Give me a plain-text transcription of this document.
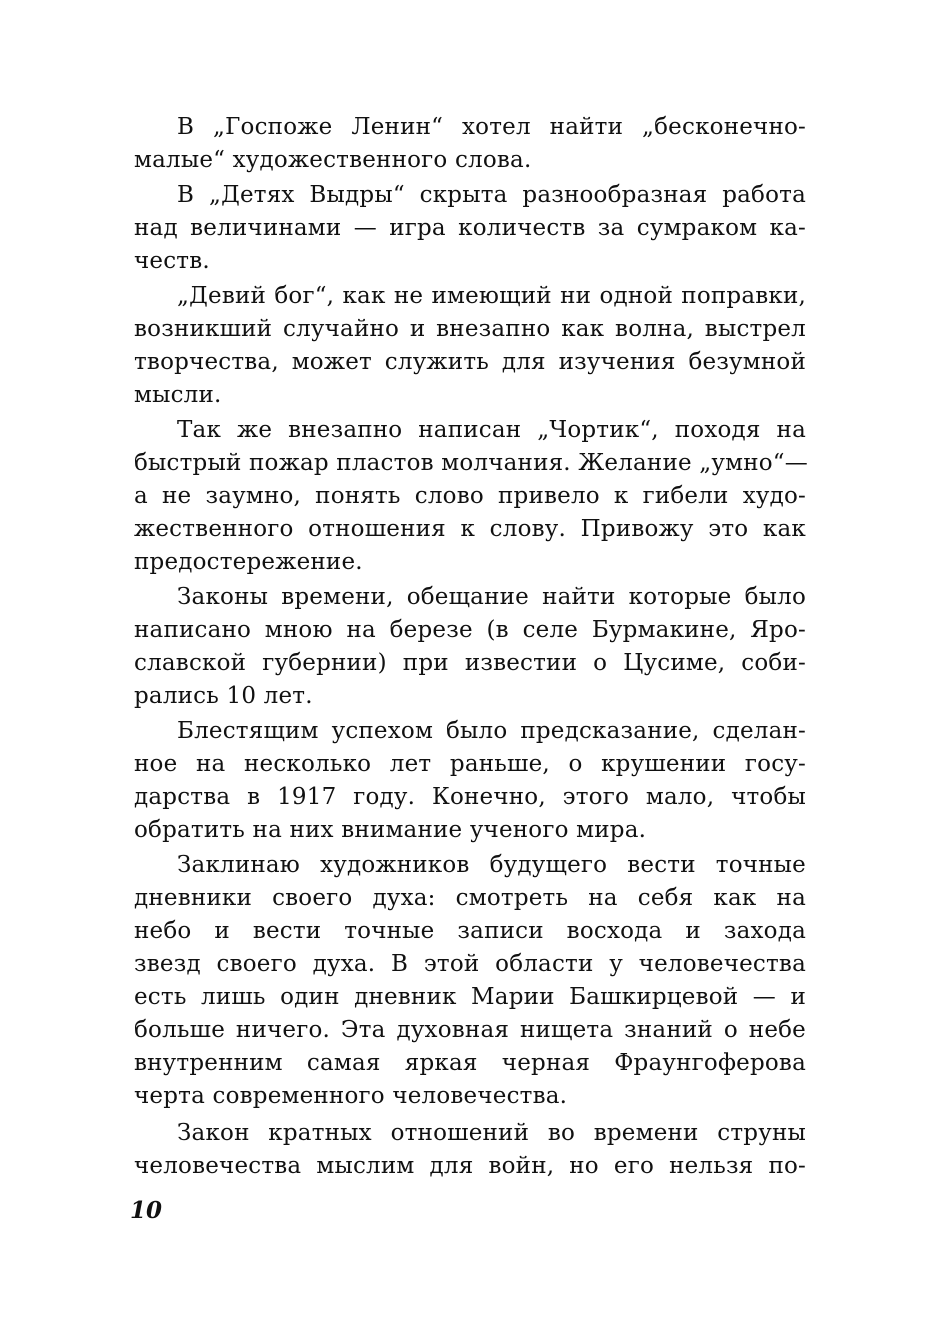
В „Госпоже Ленин“ хотел найти „бесконечно-
малые“ художественного слова.
В „Детях Выдры“ скрыта разнообразная работа
над величинами — игра количеств за сумраком ка-
честв.
„Девий бог“, как не имеющий ни одной поправки,
возникший случайно и внезапно как волна, выстрел
творчества, может служить для изучения безумной
мысли.
Так же внезапно написан „Чортик“, походя на
быстрый пожар пластов молчания. Желание „умно“—
а не заумно, понять слово привело к гибели худо-
жественного отношения к слову. Привожу это как
предостережение.
Законы времени, обещание найти которые было
написано мною на березе (в селе Бурмакине, Яро-
славской губернии) при известии о Цусиме, соби-
рались 10 лет.
Блестящим успехом было предсказание, сделан-
ное на несколько лет раньше, о крушении госу-
дарства в 1917 году. Конечно, этого мало, чтобы
обратить на них внимание ученого мира.
Заклинаю художников будущего вести точные
дневники своего духа: смотреть на себя как на
небо и вести точные записи восхода и захода
звезд своего духа. В этой области у человечества
есть лишь один дневник Марии Башкирцевой — и
больше ничего. Эта духовная нищета знаний о небе
внутренним самая яркая черная Фраунгоферова
черта современного человечества.
Закон кратных отношений во времени струны
человечества мыслим для войн, но его нельзя по-
10
